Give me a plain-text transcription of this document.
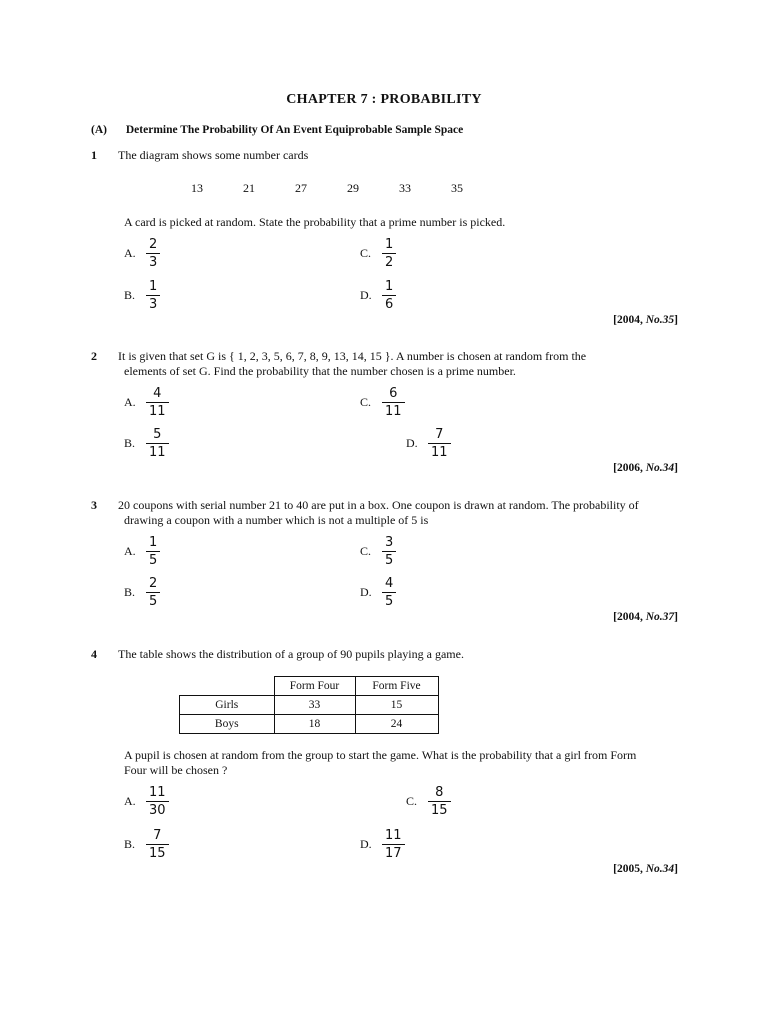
CHAPTER 7 : PROBABILITY
(A) Determine The Probability Of An Event Equiprobable Sample Space
1 The diagram shows some number cards
13	21	27	29	33	35
A card is picked at random. State the probability that a prime number is picked.
A. $\frac{2}{3}$	C. $\frac{1}{2}$
B. $\frac{1}{3}$	D. $\frac{1}{6}$
[2004, No.35]
2 It is given that set G is { 1, 2, 3, 5, 6, 7, 8, 9, 13, 14, 15 }. A number is chosen at random from the
elements of set G. Find the probability that the number chosen is a prime number.
A. $\frac{4}{11}$	C. $\frac{6}{11}$
B. $\frac{5}{11}$	D. $\frac{7}{11}$
[2006, No.34]
3 20 coupons with serial number 21 to 40 are put in a box. One coupon is drawn at random. The probability of
drawing a coupon with a number which is not a multiple of 5 is
A. $\frac{1}{5}$	C. $\frac{3}{5}$
B. $\frac{2}{5}$	D. $\frac{4}{5}$
[2004, No.37]
4 The table shows the distribution of a group of 90 pupils playing a game.
	Form Four	Form Five
Girls	33	15
Boys	18	24
A pupil is chosen at random from the group to start the game. What is the probability that a girl from Form
Four will be chosen ?
A. $\frac{11}{30}$	C. $\frac{8}{15}$
B. $\frac{7}{15}$	D. $\frac{11}{17}$
[2005, No.34]
